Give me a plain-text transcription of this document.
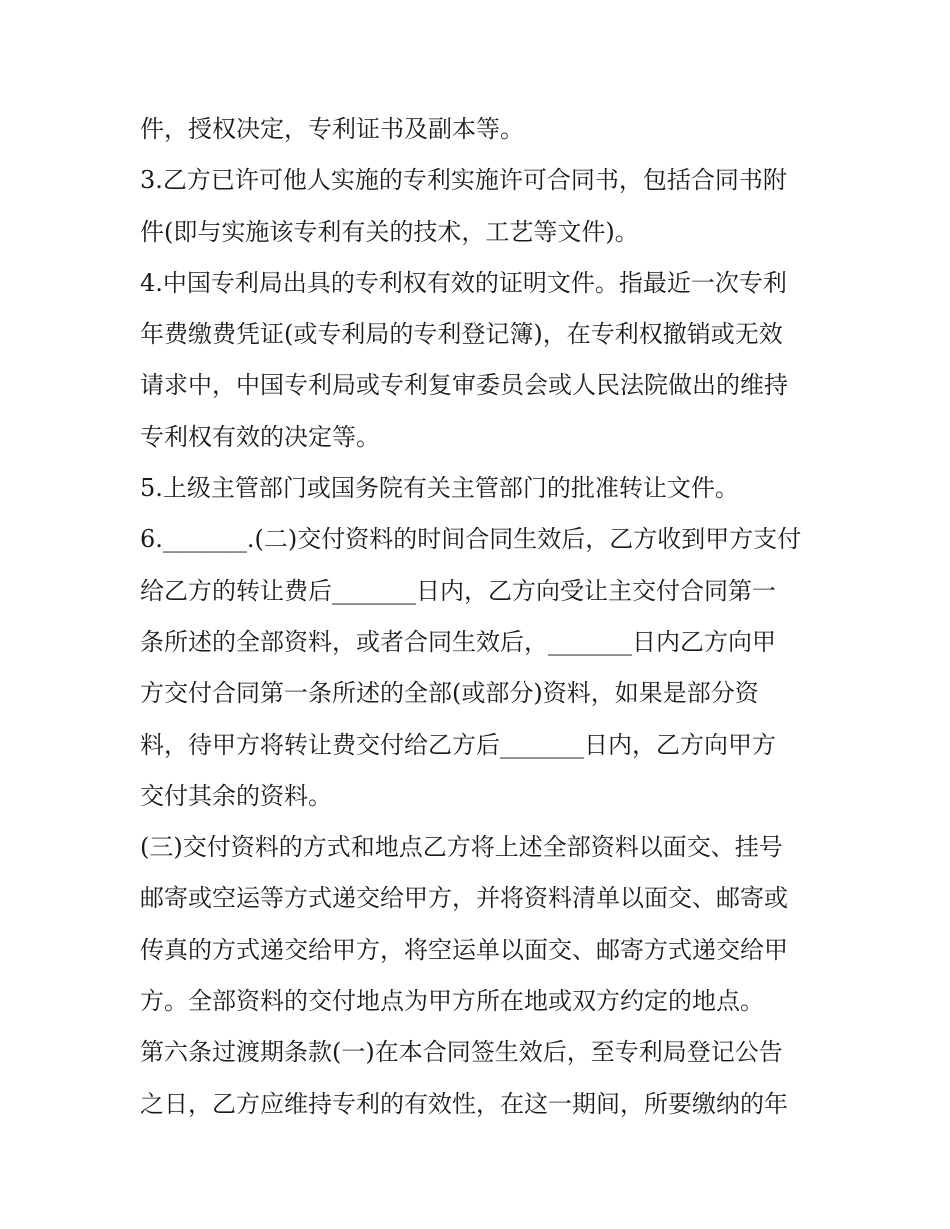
件，授权决定，专利证书及副本等。
3.乙方已许可他人实施的专利实施许可合同书，包括合同书附
件(即与实施该专利有关的技术，工艺等文件)。
4.中国专利局出具的专利权有效的证明文件。指最近一次专利
年费缴费凭证(或专利局的专利登记簿)，在专利权撤销或无效
请求中，中国专利局或专利复审委员会或人民法院做出的维持
专利权有效的决定等。
5.上级主管部门或国务院有关主管部门的批准转让文件。
6._______.(二)交付资料的时间合同生效后，乙方收到甲方支付
给乙方的转让费后_______日内，乙方向受让主交付合同第一
条所述的全部资料，或者合同生效后，_______日内乙方向甲
方交付合同第一条所述的全部(或部分)资料，如果是部分资
料，待甲方将转让费交付给乙方后_______日内，乙方向甲方
交付其余的资料。
(三)交付资料的方式和地点乙方将上述全部资料以面交、挂号
邮寄或空运等方式递交给甲方，并将资料清单以面交、邮寄或
传真的方式递交给甲方，将空运单以面交、邮寄方式递交给甲
方。全部资料的交付地点为甲方所在地或双方约定的地点。
第六条过渡期条款(一)在本合同签生效后，至专利局登记公告
之日，乙方应维持专利的有效性，在这一期间，所要缴纳的年
